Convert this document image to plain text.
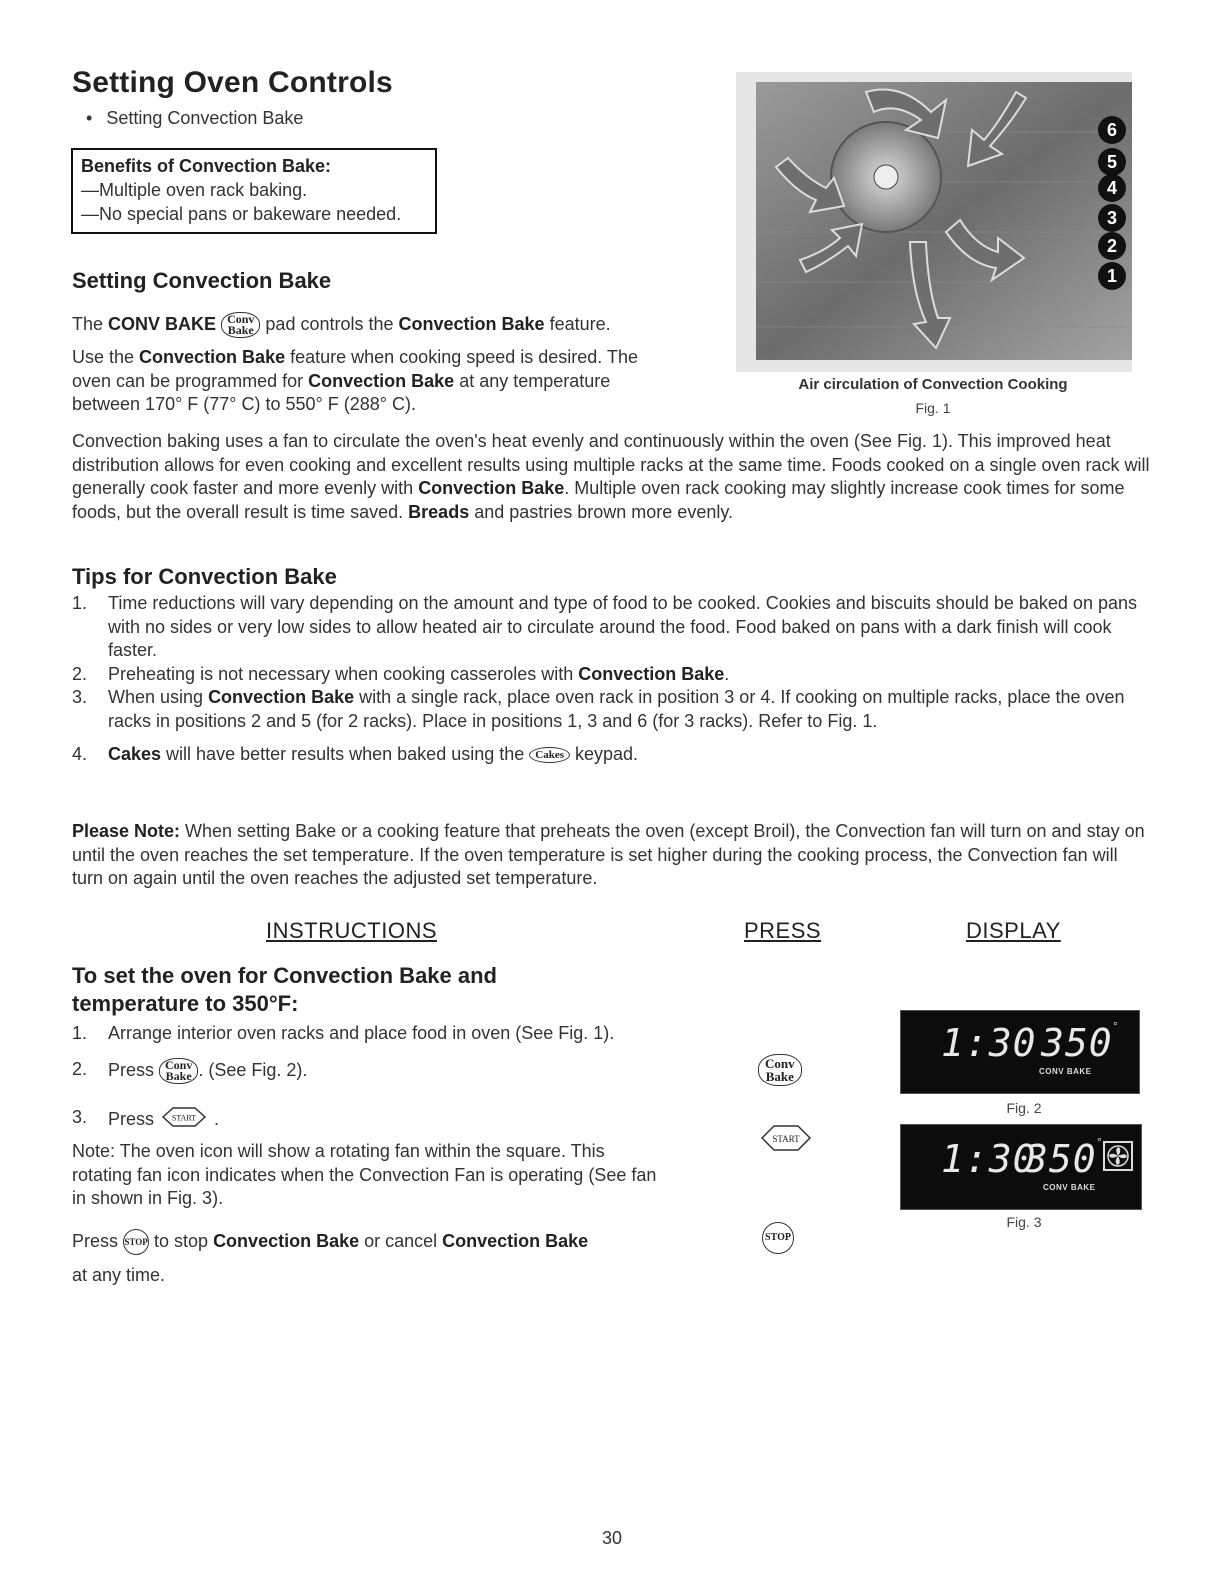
Setting Oven Controls
• Setting Convection Bake
Benefits of Convection Bake:
—Multiple oven rack baking.
—No special pans or bakeware needed.
Setting Convection Bake
The CONV BAKE Conv
Bake pad controls the Convection Bake feature.
Use the Convection Bake feature when cooking speed is desired. The
oven can be programmed for Convection Bake at any temperature
between 170° F (77° C) to 550° F (288° C).
6
5
4
3
2
1
Air circulation of Convection Cooking
Fig. 1
Convection baking uses a fan to circulate the oven's heat evenly and continuously within the oven (See Fig. 1). This improved heat distribution allows for even cooking and excellent results using multiple racks at the same time. Foods cooked on a single oven rack will generally cook faster and more evenly with Convection Bake. Multiple oven rack cooking may slightly increase cook times for some foods, but the overall result is time saved. Breads and pastries brown more evenly.
Tips for Convection Bake
1. Time reductions will vary depending on the amount and type of food to be cooked. Cookies and biscuits should be baked on pans with no sides or very low sides to allow heated air to circulate around the food. Food baked on pans with a dark finish will cook faster.
2. Preheating is not necessary when cooking casseroles with Convection Bake.
3. When using Convection Bake with a single rack, place oven rack in position 3 or 4. If cooking on multiple racks, place the oven racks in positions 2 and 5 (for 2 racks). Place in positions 1, 3 and 6 (for 3 racks). Refer to Fig. 1.
4. Cakes will have better results when baked using the Cakes keypad.
Please Note: When setting Bake or a cooking feature that preheats the oven (except Broil), the Convection fan will turn on and stay on until the oven reaches the set temperature. If the oven temperature is set higher during the cooking process, the Convection fan will turn on again until the oven reaches the adjusted set temperature.
INSTRUCTIONS	PRESS	DISPLAY
To set the oven for Convection Bake and
temperature to 350°F:
1. Arrange interior oven racks and place food in oven (See Fig. 1).
2. Press Conv
Bake . (See Fig. 2).
3. Press START .
Note: The oven icon will show a rotating fan within the square. This rotating fan icon indicates when the Convection Fan is operating (See fan in shown in Fig. 3).
Press STOP to stop Convection Bake or cancel Convection Bake
at any time.
Conv
Bake
START
STOP
1:30 350 °
CONV BAKE
Fig. 2
1:30
350 °
CONV BAKE
Fig. 3
30
